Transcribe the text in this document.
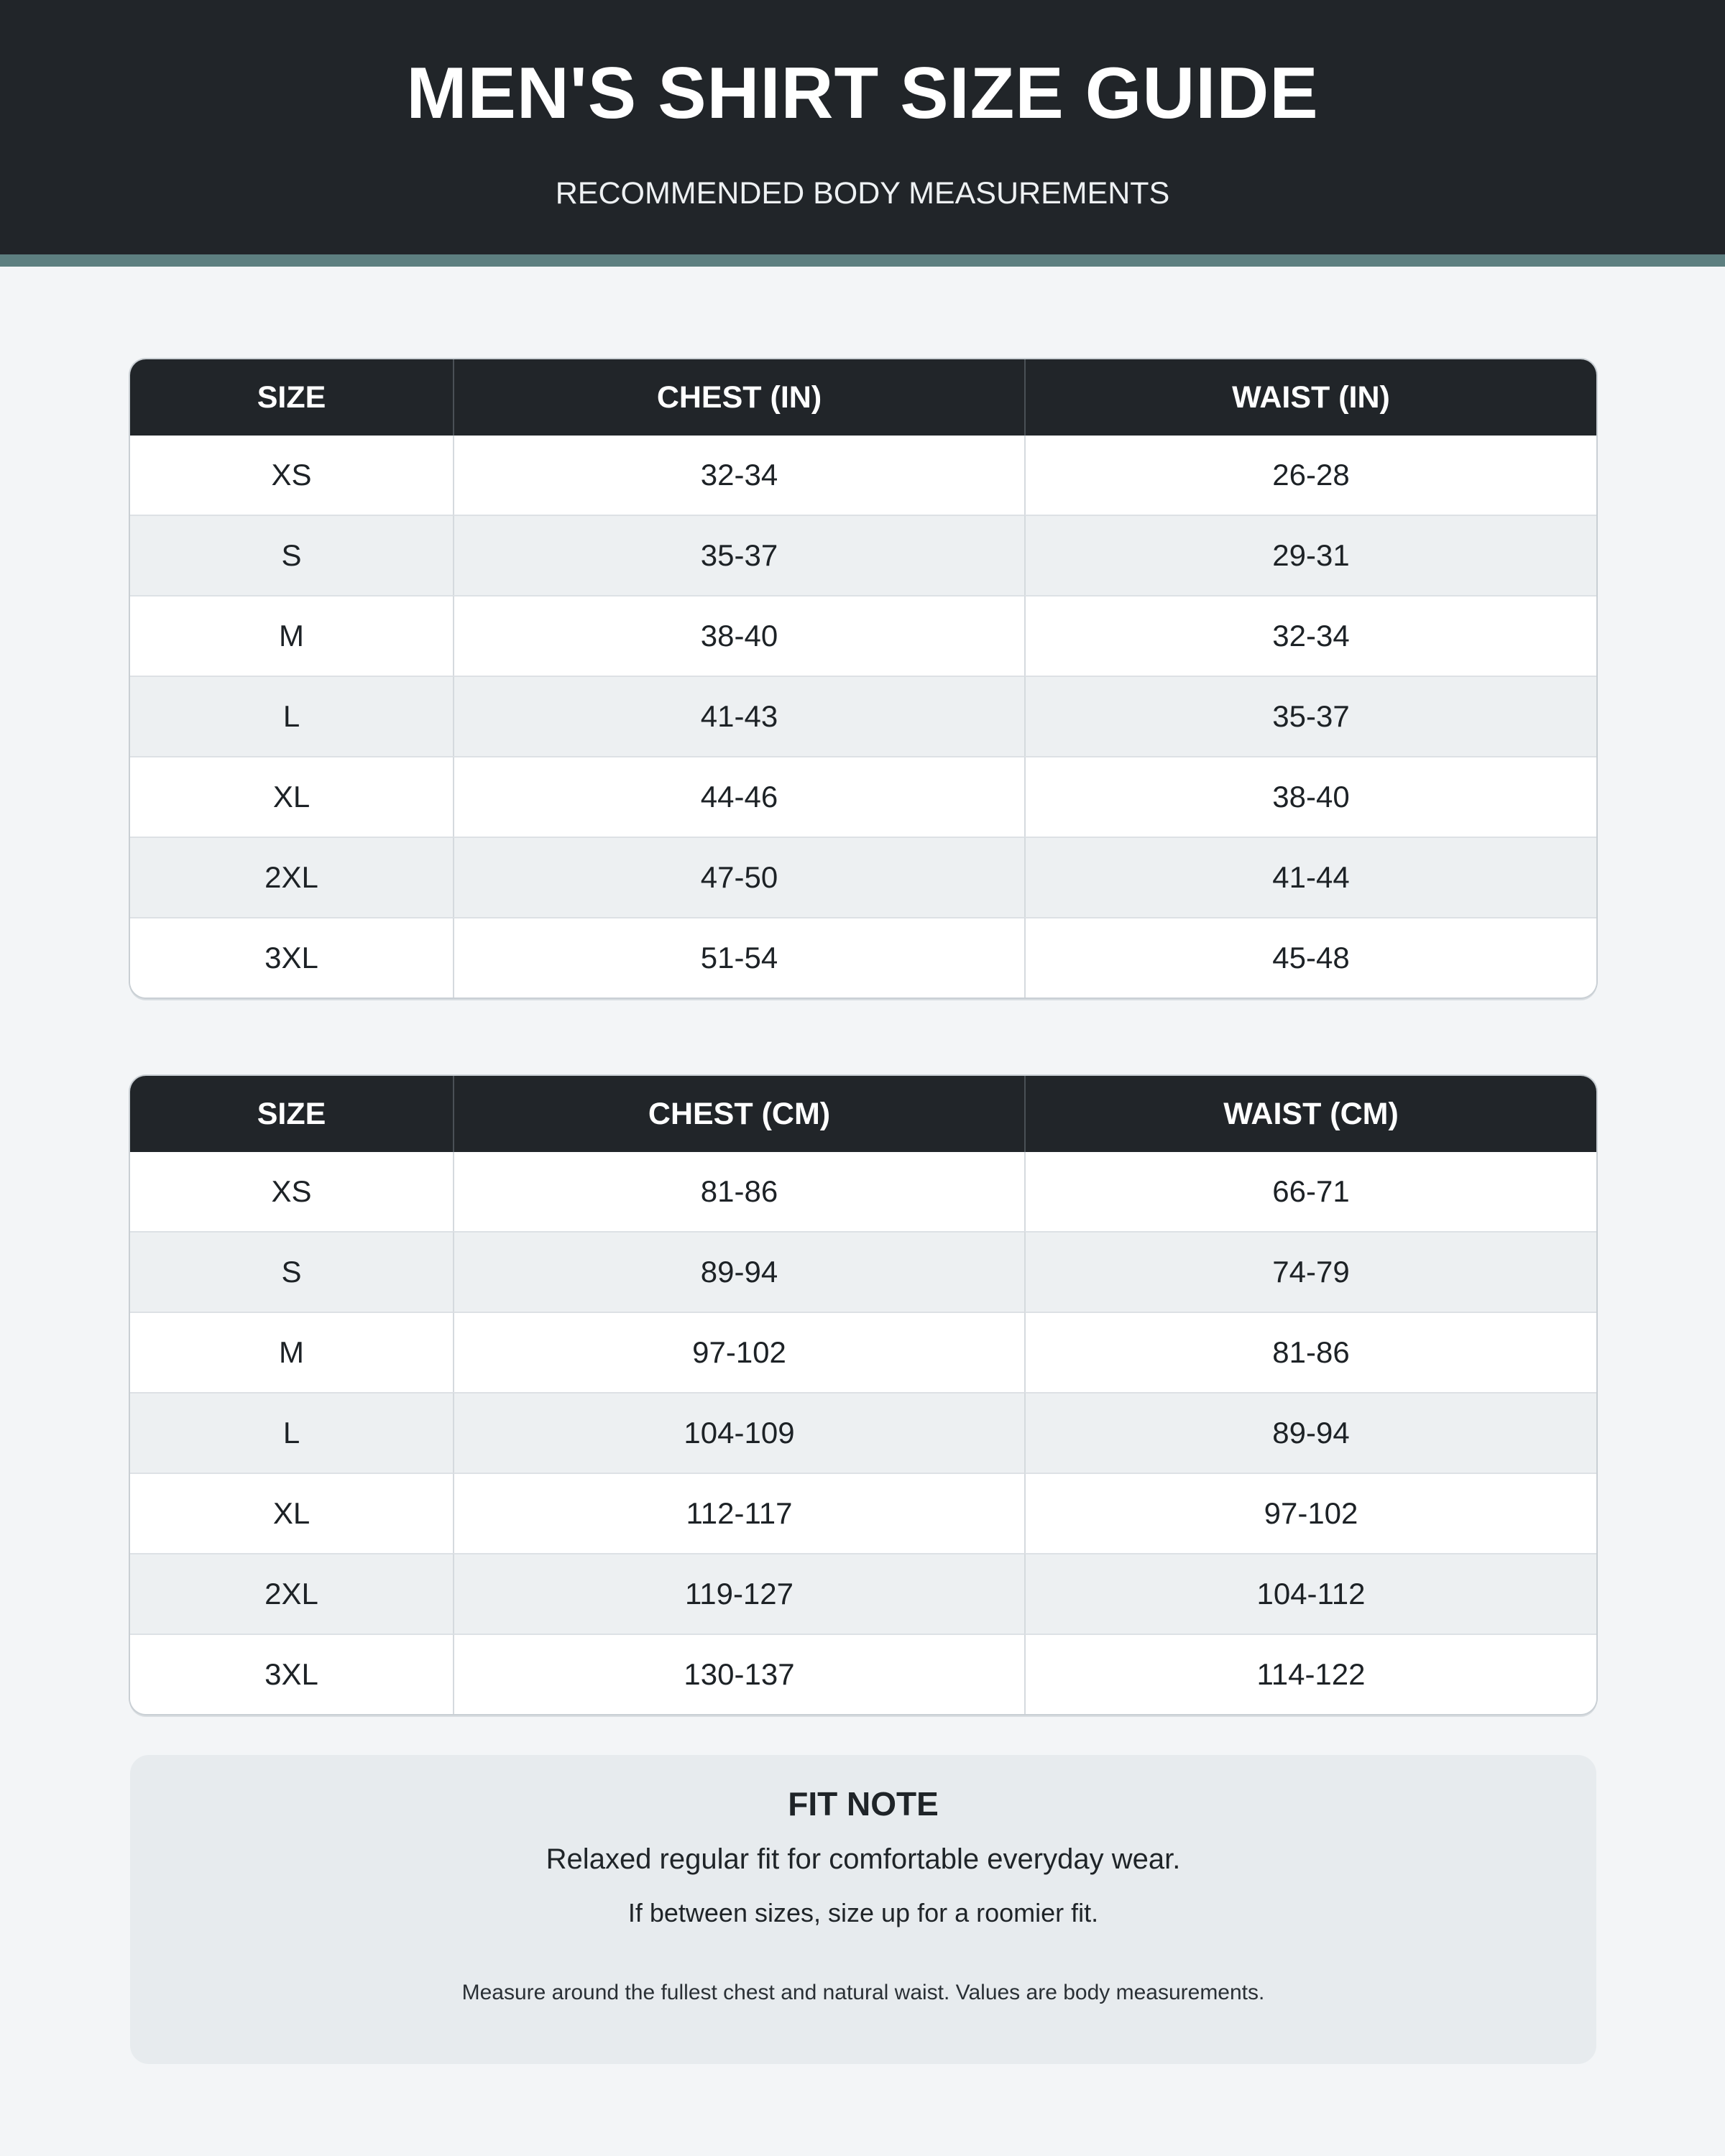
MEN'S SHIRT SIZE GUIDE
RECOMMENDED BODY MEASUREMENTS
SIZE	CHEST (IN)	WAIST (IN)
XS	32-34	26-28
S	35-37	29-31
M	38-40	32-34
L	41-43	35-37
XL	44-46	38-40
2XL	47-50	41-44
3XL	51-54	45-48
SIZE	CHEST (CM)	WAIST (CM)
XS	81-86	66-71
S	89-94	74-79
M	97-102	81-86
L	104-109	89-94
XL	112-117	97-102
2XL	119-127	104-112
3XL	130-137	114-122
FIT NOTE
Relaxed regular fit for comfortable everyday wear.
If between sizes, size up for a roomier fit.
Measure around the fullest chest and natural waist. Values are body measurements.
